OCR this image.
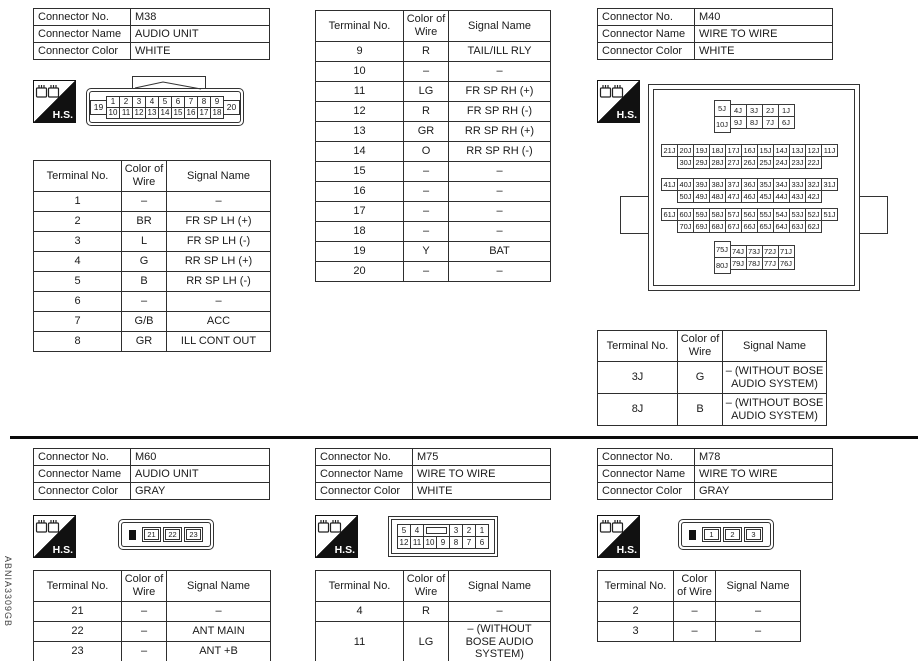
Connector No.	M38
Connector Name	AUDIO UNIT
Connector Color	WHITE
H.S.
19
1	2	3	4	5	6	7	8	9
10 11 12 13 14 15 16 17 18
20
Terminal No.	Color of Wire	Signal Name
1	–	–
2	BR	FR SP LH (+)
3	L	FR SP LH (-)
4	G	RR SP LH (+)
5	B	RR SP LH (-)
6	–	–
7	G/B	ACC
8	GR	ILL CONT OUT
Terminal No.	Color of Wire	Signal Name
9	R	TAIL/ILL RLY
10	–	–
11	LG	FR SP RH (+)
12	R	FR SP RH (-)
13	GR	RR SP RH (+)
14	O	RR SP RH (-)
15	–	–
16	–	–
17	–	–
18	–	–
19	Y	BAT
20	–	–
Connector No.	M40
Connector Name	WIRE TO WIRE
Connector Color	WHITE
H.S.
5J
10J
4J	3J	2J	1J
9J	8J	7J	6J
21J 20J 19J 18J 17J 16J 15J 14J 13J 12J 11J
30J 29J 28J 27J 26J 25J 24J 23J 22J
41J 40J 39J 38J 37J 36J 35J 34J 33J 32J 31J
50J 49J 48J 47J 46J 45J 44J 43J 42J
61J 60J 59J 58J 57J 56J 55J 54J 53J 52J 51J
70J 69J 68J 67J 66J 65J 64J 63J 62J
75J
80J
74J 73J 72J 71J
79J 78J 77J 76J
Terminal No.	Color of Wire	Signal Name
3J	G	– (WITHOUT BOSE AUDIO SYSTEM)
8J	B	– (WITHOUT BOSE AUDIO SYSTEM)
Connector No.	M60
Connector Name	AUDIO UNIT
Connector Color	GRAY
H.S.
21	22	23
Terminal No.	Color of Wire	Signal Name
21	–	–
22	–	ANT MAIN
23	–	ANT +B
Connector No.	M75
Connector Name	WIRE TO WIRE
Connector Color	WHITE
H.S.
5	4	3	2	1
12 11 10 9	8	7	6
Terminal No.	Color of Wire	Signal Name
4	R	–
11	LG	– (WITHOUT BOSE AUDIO SYSTEM)
Connector No.	M78
Connector Name	WIRE TO WIRE
Connector Color	GRAY
H.S.
1	2	3
Terminal No.	Color of Wire	Signal Name
2	–	–
3	–	–
ABNIA3309GB
